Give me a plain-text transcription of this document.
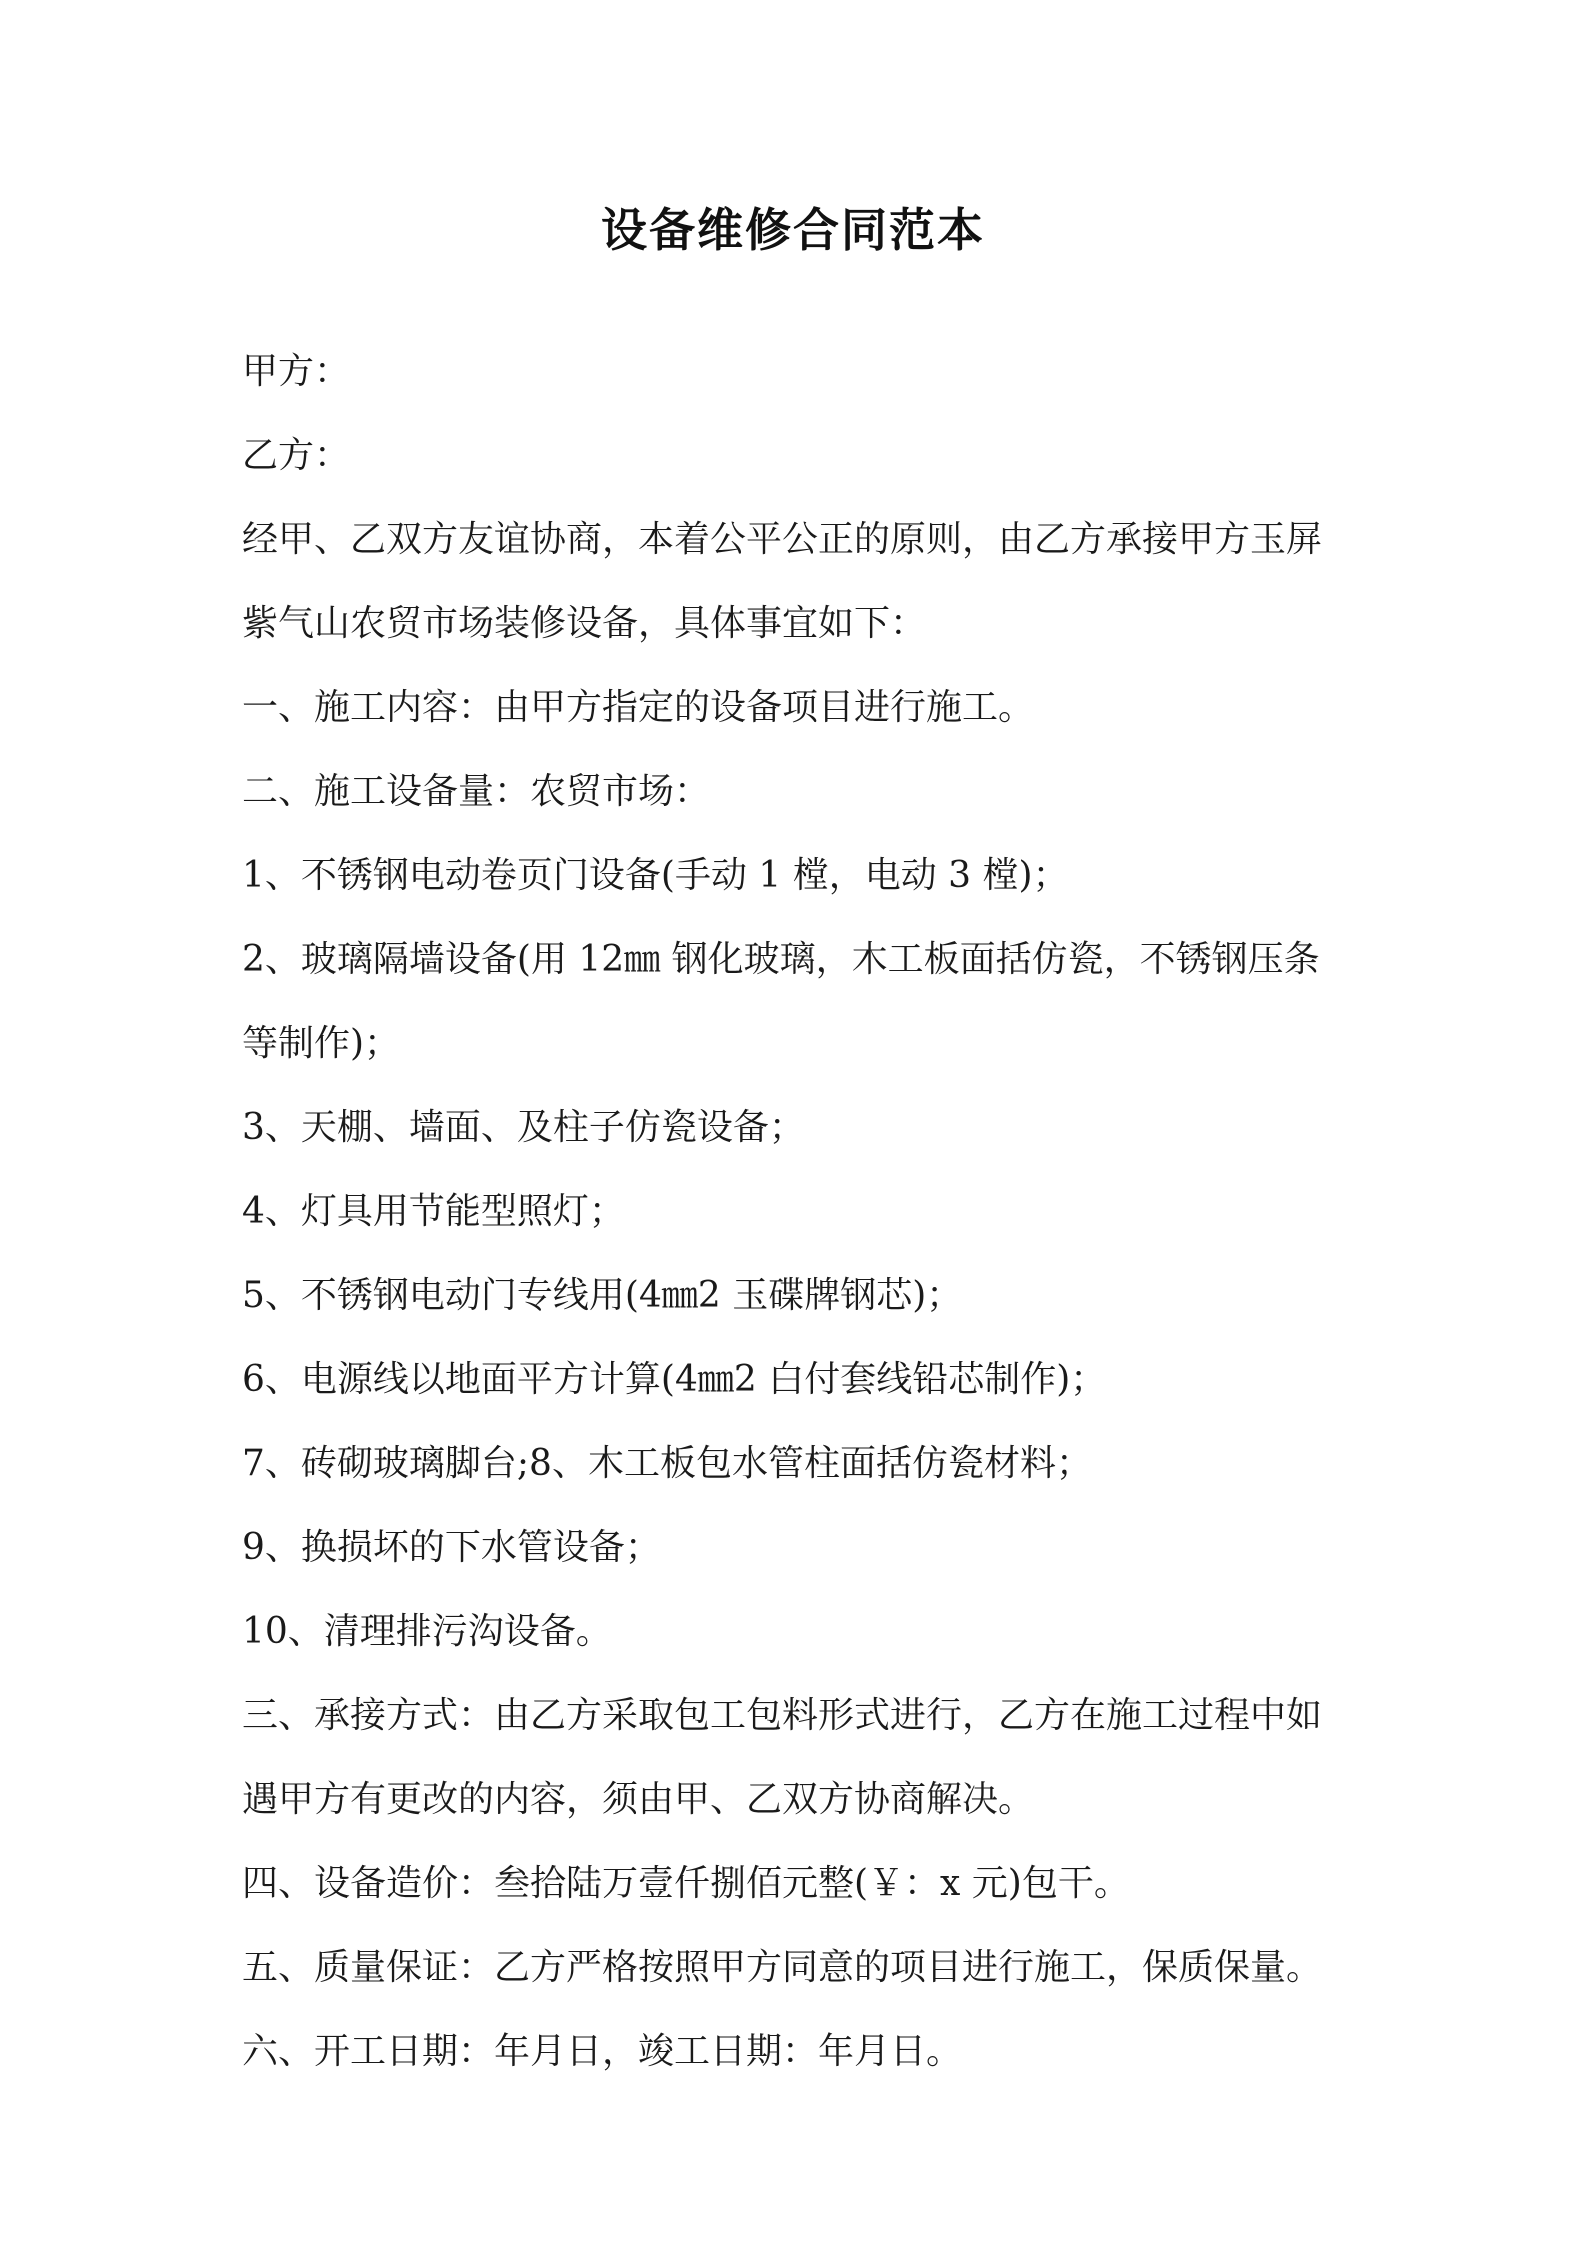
设备维修合同范本
甲方：
乙方：
经甲、乙双方友谊协商，本着公平公正的原则，由乙方承接甲方玉屏
紫气山农贸市场装修设备，具体事宜如下：
一、施工内容：由甲方指定的设备项目进行施工。
二、施工设备量：农贸市场：
1、不锈钢电动卷页门设备(手动 1 樘，电动 3 樘)；
2、玻璃隔墙设备(用 12㎜ 钢化玻璃，木工板面括仿瓷，不锈钢压条
等制作)；
3、天棚、墙面、及柱子仿瓷设备；
4、灯具用节能型照灯；
5、不锈钢电动门专线用(4㎜2 玉碟牌钢芯)；
6、电源线以地面平方计算(4㎜2 白付套线铅芯制作)；
7、砖砌玻璃脚台;8、木工板包水管柱面括仿瓷材料；
9、换损坏的下水管设备；
10、清理排污沟设备。
三、承接方式：由乙方采取包工包料形式进行，乙方在施工过程中如
遇甲方有更改的内容，须由甲、乙双方协商解决。
四、设备造价：叁拾陆万壹仟捌佰元整(￥：x 元)包干。
五、质量保证：乙方严格按照甲方同意的项目进行施工，保质保量。
六、开工日期：年月日，竣工日期：年月日。
